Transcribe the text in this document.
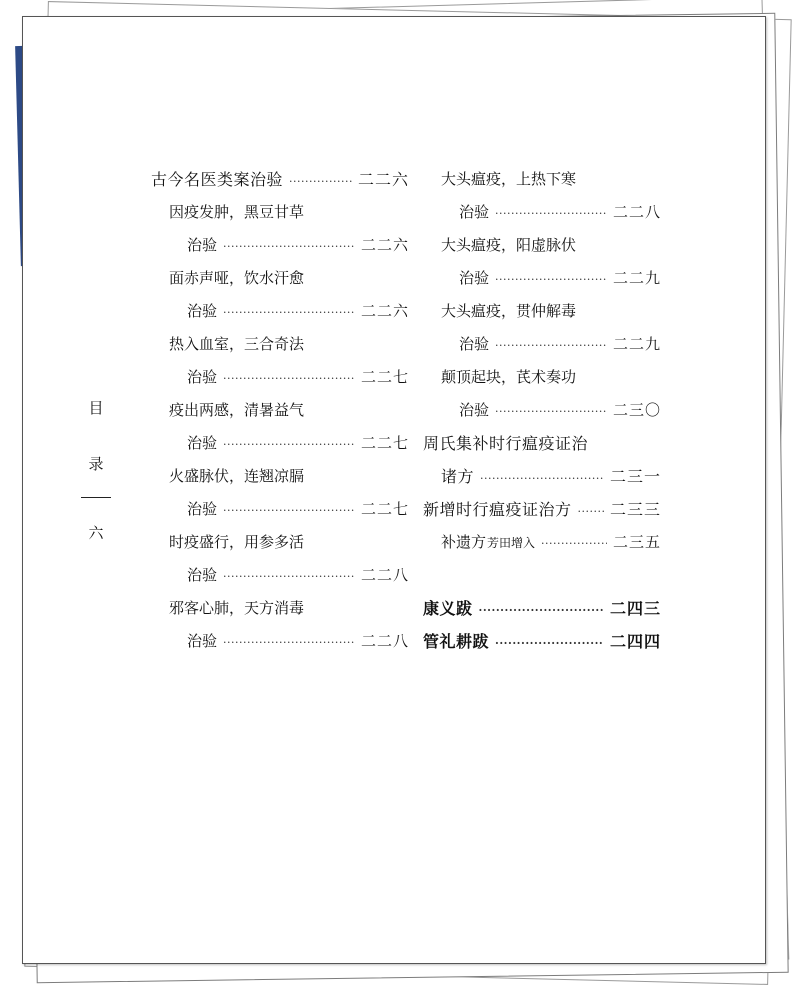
目
录
六
古今名医类案治验 ·····	二二六
因疫发肿，黑豆甘草
治验 ·····	二二六
面赤声哑，饮水汗愈
治验 ·····	二二六
热入血室，三合奇法
治验 ·····	二二七
疫出两感，清暑益气
治验 ·····	二二七
火盛脉伏，连翘凉膈
治验 ·····	二二七
时疫盛行，用参多活
治验 ·····	二二八
邪客心肺，天方消毒
治验 ·····	二二八
大头瘟疫，上热下寒
治验 ·····	二二八
大头瘟疫，阳虚脉伏
治验 ·····	二二九
大头瘟疫，贯仲解毒
治验 ·····	二二九
颠顶起块，芪术奏功
治验 ·····	二三〇
周氏集补时行瘟疫证治
诸方 ·····	二三一
新增时行瘟疫证治方 ····· 二三三
补遗方芳田增入 ·····	二三五
康义跋 ·····	二四三
管礼耕跋 ·····	二四四
